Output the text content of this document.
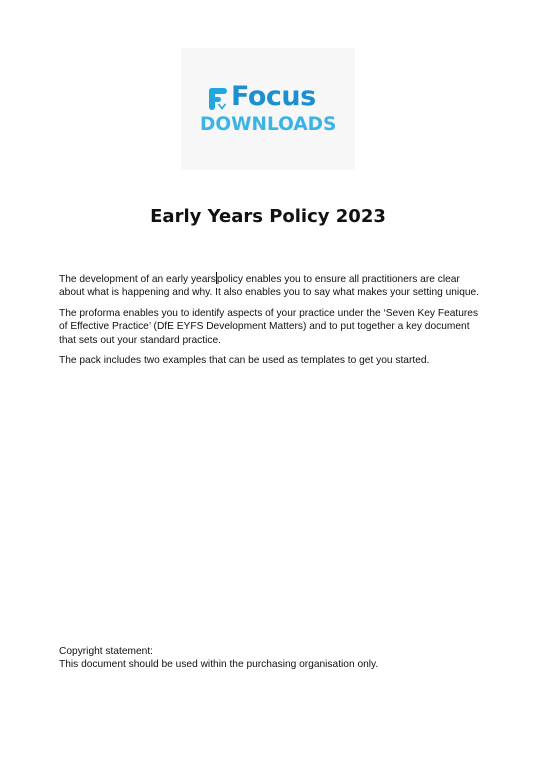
Focus
DOWNLOADS
Early Years Policy 2023

The development of an early yearspolicy enables you to ensure all practitioners are clear about what is happening and why. It also enables you to say what makes your setting unique.

The proforma enables you to identify aspects of your practice under the ‘Seven Key Features of Effective Practice’ (DfE EYFS Development Matters) and to put together a key document that sets out your standard practice.

The pack includes two examples that can be used as templates to get you started.

Copyright statement:
This document should be used within the purchasing organisation only.
